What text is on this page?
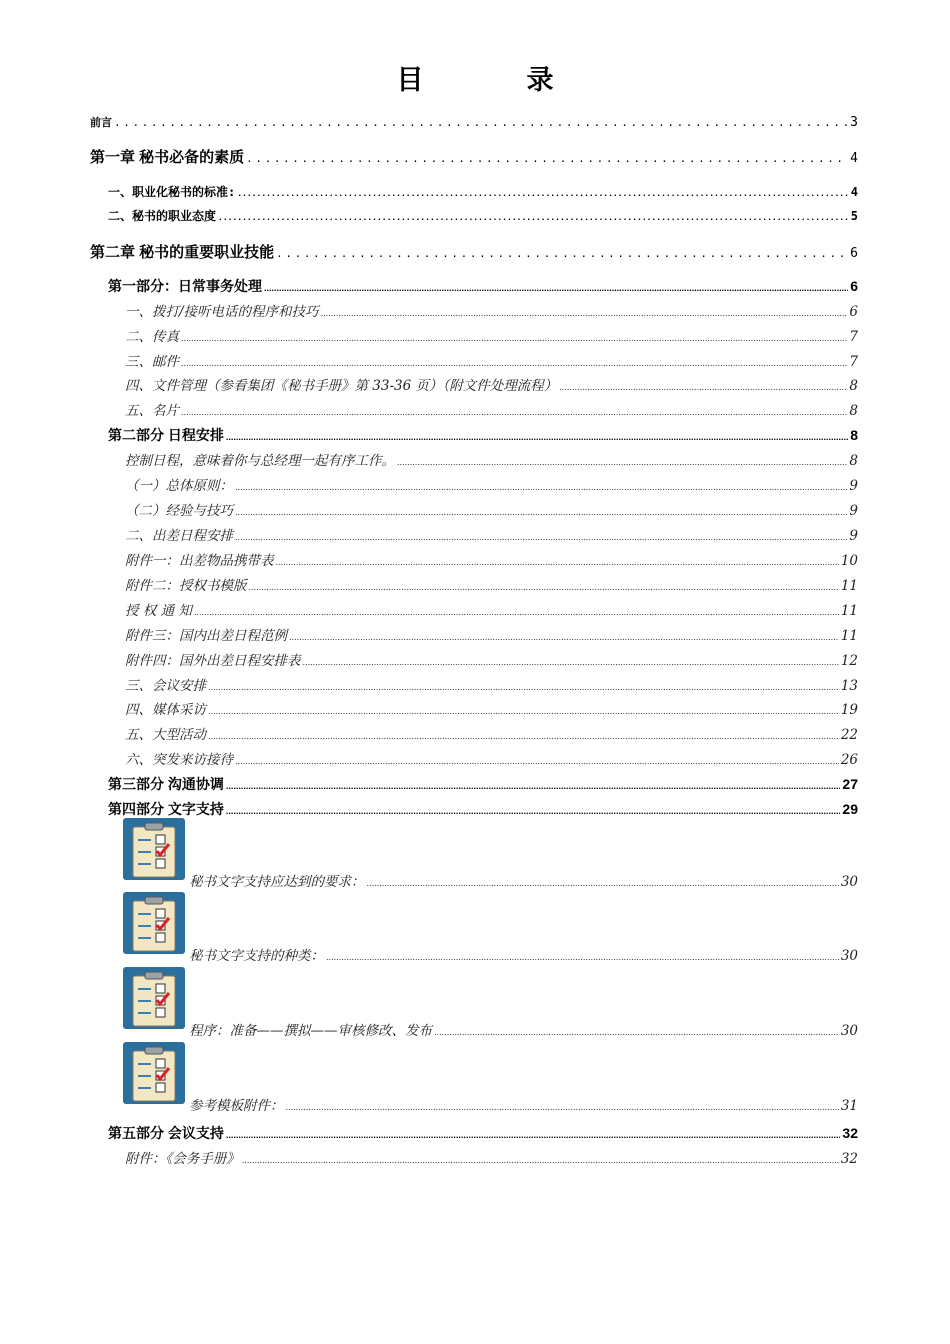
目　录
前言 .....	3
第一章 秘书必备的素质 .....	4
一、职业化秘书的标准: .....	4
二、秘书的职业态度 .....	5
第二章 秘书的重要职业技能 .....	6
第一部分：日常事务处理 .....	6
一、拨打/接听电话的程序和技巧 .....	6
二、传真 .....	7
三、邮件 .....	7
四、文件管理（参看集团《秘书手册》第 33-36 页）（附文件处理流程） .....	8
五、名片 .....	8
第二部分 日程安排 .....	8
控制日程，意味着你与总经理一起有序工作。 .....	8
（一）总体原则： .....	9
（二）经验与技巧 .....	9
二、出差日程安排 .....	9
附件一：出差物品携带表 .....	10
附件二：授权书模版 .....	11
授 权 通 知 .....	11
附件三：国内出差日程范例 .....	11
附件四：国外出差日程安排表 .....	12
三、会议安排 .....	13
四、媒体采访 .....	19
五、大型活动 .....	22
六、突发来访接待 .....	26
第三部分 沟通协调 .....	27
第四部分 文字支持 .....	29
秘书文字支持应达到的要求： .....	30
秘书文字支持的种类： .....	30
程序：准备——撰拟——审核修改、发布 .....	30
参考模板附件： .....	31
第五部分 会议支持 .....	32
附件：《会务手册》 .....	32
